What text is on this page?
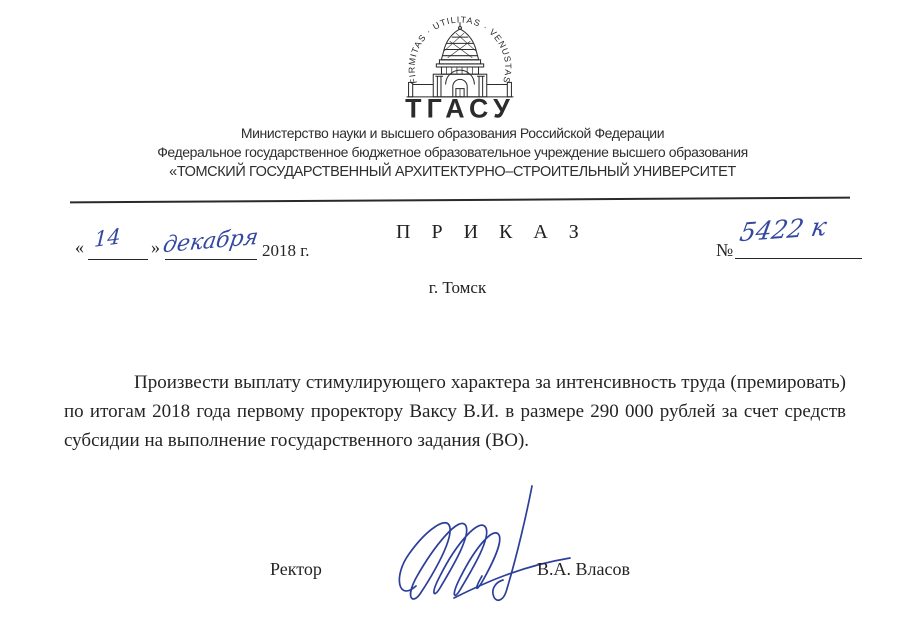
FIRMITAS · UTILITAS · VENUSTAS
ТГАСУ
Министерство науки и высшего образования Российской Федерации
Федеральное государственное бюджетное образовательное учреждение высшего образования
«ТОМСКИЙ ГОСУДАРСТВЕННЫЙ АРХИТЕКТУРНО–СТРОИТЕЛЬНЫЙ УНИВЕРСИТЕТ
П Р И К А З
« 14 » декабря 2018 г.	№
5422 к
г. Томск
Произвести выплату стимулирующего характера за интенсивность труда (премировать) по итогам 2018 года первому проректору Ваксу В.И. в размере 290 000 рублей за счет средств субсидии на выполнение государственного задания (ВО).
Ректор	В.А. Власов
